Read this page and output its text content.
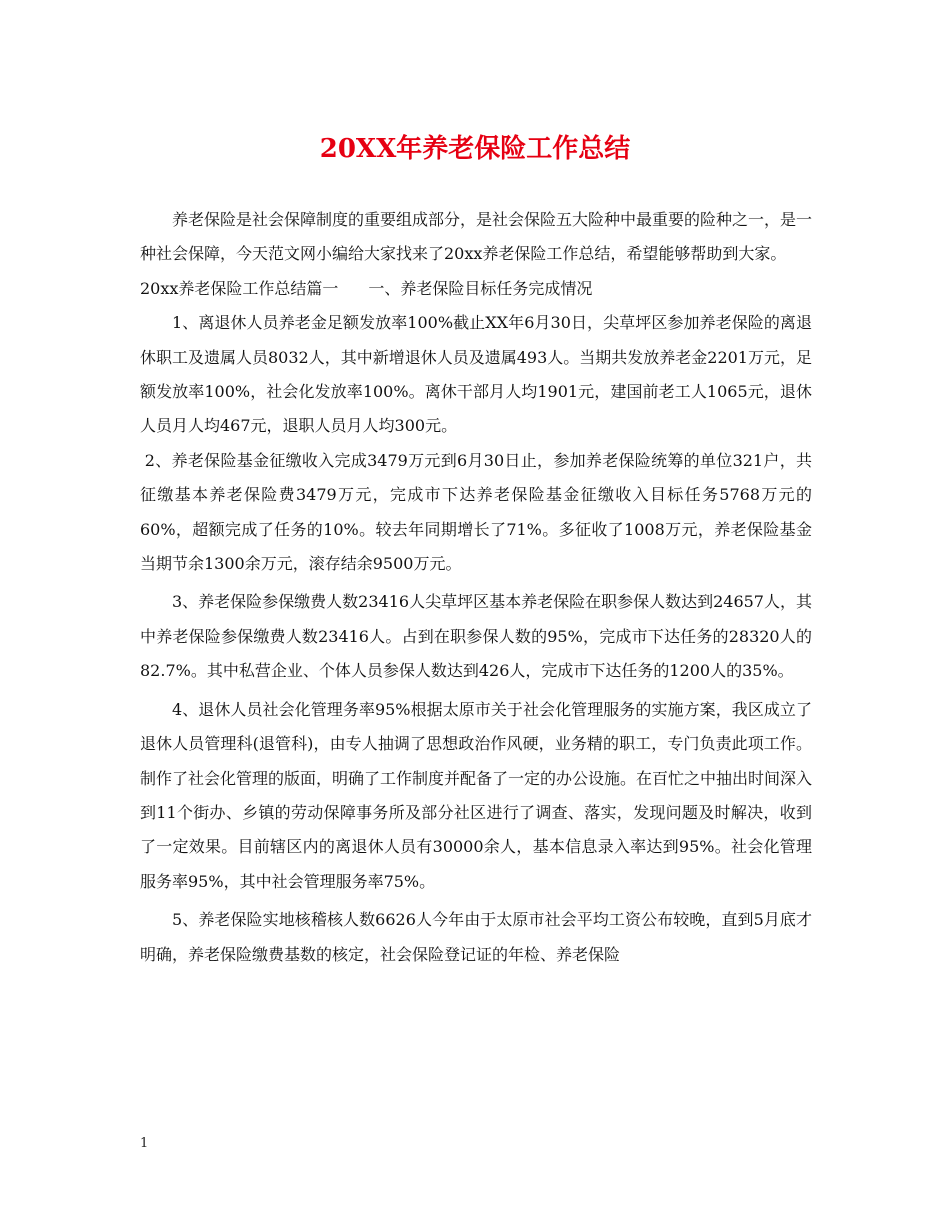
20XX年养老保险工作总结

养老保险是社会保障制度的重要组成部分，是社会保险五大险种中最重要的险种之一，是一种社会保障，今天范文网小编给大家找来了20xx养老保险工作总结，希望能够帮助到大家。

20xx养老保险工作总结篇一 一、养老保险目标任务完成情况

1、离退休人员养老金足额发放率100%截止XX年6月30日，尖草坪区参加养老保险的离退休职工及遗属人员8032人，其中新增退休人员及遗属493人。当期共发放养老金2201万元，足额发放率100%，社会化发放率100%。离休干部月人均1901元，建国前老工人1065元，退休人员月人均467元，退职人员月人均300元。

2、养老保险基金征缴收入完成3479万元到6月30日止，参加养老保险统筹的单位321户，共征缴基本养老保险费3479万元，完成市下达养老保险基金征缴收入目标任务5768万元的60%，超额完成了任务的10%。较去年同期增长了71%。多征收了1008万元，养老保险基金当期节余1300余万元，滚存结余9500万元。

3、养老保险参保缴费人数23416人尖草坪区基本养老保险在职参保人数达到24657人，其中养老保险参保缴费人数23416人。占到在职参保人数的95%，完成市下达任务的28320人的82.7%。其中私营企业、个体人员参保人数达到426人，完成市下达任务的1200人的35%。

4、退休人员社会化管理务率95%根据太原市关于社会化管理服务的实施方案，我区成立了退休人员管理科(退管科)，由专人抽调了思想政治作风硬，业务精的职工，专门负责此项工作。制作了社会化管理的版面，明确了工作制度并配备了一定的办公设施。在百忙之中抽出时间深入到11个街办、乡镇的劳动保障事务所及部分社区进行了调查、落实，发现问题及时解决，收到了一定效果。目前辖区内的离退休人员有30000余人，基本信息录入率达到95%。社会化管理服务率95%，其中社会管理服务率75%。

5、养老保险实地核稽核人数6626人今年由于太原市社会平均工资公布较晚，直到5月底才明确，养老保险缴费基数的核定，社会保险登记证的年检、养老保险

1
